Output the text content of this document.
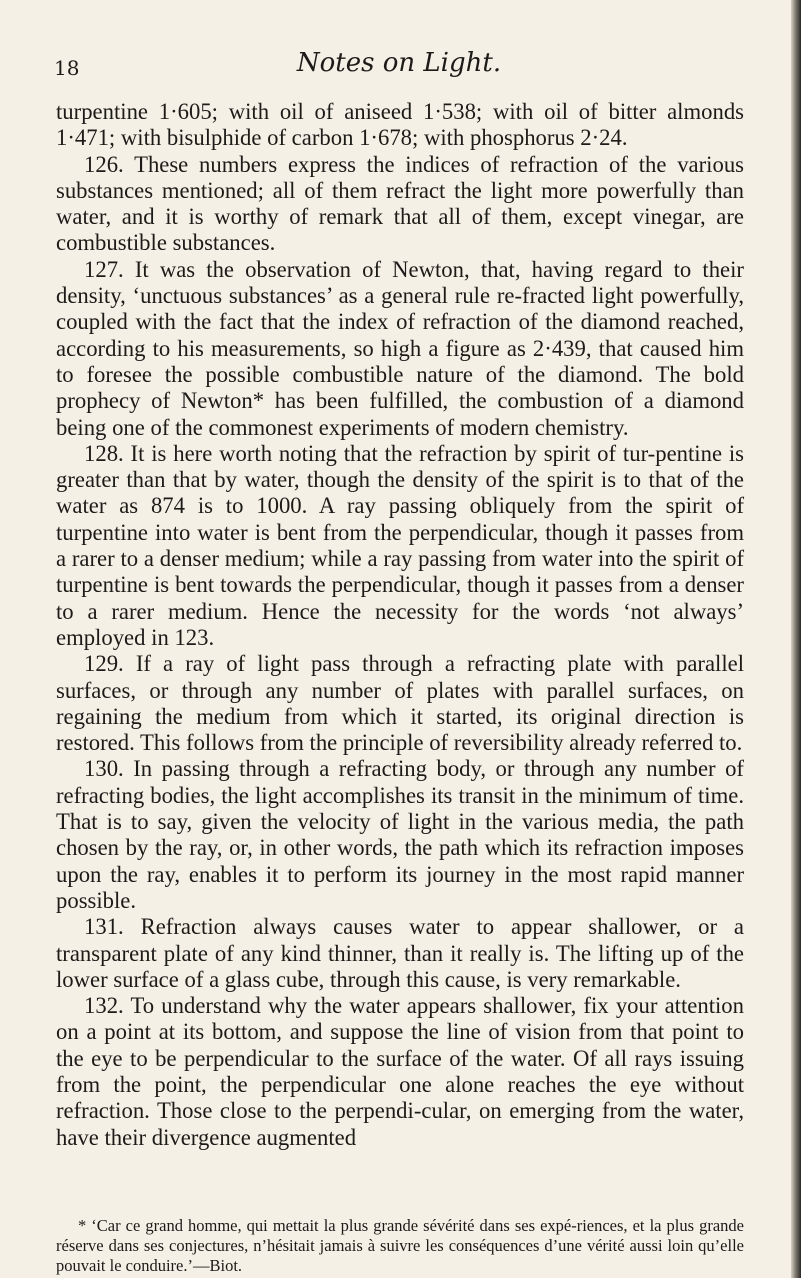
18	Notes on Light.

turpentine 1·605; with oil of aniseed 1·538; with oil of bitter almonds 1·471; with bisulphide of carbon 1·678; with phosphorus 2·24.

126. These numbers express the indices of refraction of the various substances mentioned; all of them refract the light more powerfully than water, and it is worthy of remark that all of them, except vinegar, are combustible substances.

127. It was the observation of Newton, that, having regard to their density, ‘unctuous substances’ as a general rule re-fracted light powerfully, coupled with the fact that the index of refraction of the diamond reached, according to his measurements, so high a figure as 2·439, that caused him to foresee the possible combustible nature of the diamond. The bold prophecy of Newton* has been fulfilled, the combustion of a diamond being one of the commonest experiments of modern chemistry.

128. It is here worth noting that the refraction by spirit of tur-pentine is greater than that by water, though the density of the spirit is to that of the water as 874 is to 1000. A ray passing obliquely from the spirit of turpentine into water is bent from the perpendicular, though it passes from a rarer to a denser medium; while a ray passing from water into the spirit of turpentine is bent towards the perpendicular, though it passes from a denser to a rarer medium. Hence the necessity for the words ‘not always’ employed in 123.

129. If a ray of light pass through a refracting plate with parallel surfaces, or through any number of plates with parallel surfaces, on regaining the medium from which it started, its original direction is restored. This follows from the principle of reversibility already referred to.

130. In passing through a refracting body, or through any number of refracting bodies, the light accomplishes its transit in the minimum of time. That is to say, given the velocity of light in the various media, the path chosen by the ray, or, in other words, the path which its refraction imposes upon the ray, enables it to perform its journey in the most rapid manner possible.

131. Refraction always causes water to appear shallower, or a transparent plate of any kind thinner, than it really is. The lifting up of the lower surface of a glass cube, through this cause, is very remarkable.

132. To understand why the water appears shallower, fix your attention on a point at its bottom, and suppose the line of vision from that point to the eye to be perpendicular to the surface of the water. Of all rays issuing from the point, the perpendicular one alone reaches the eye without refraction. Those close to the perpendi-cular, on emerging from the water, have their divergence augmented

* ‘Car ce grand homme, qui mettait la plus grande sévérité dans ses expé-riences, et la plus grande réserve dans ses conjectures, n’hésitait jamais à suivre les conséquences d’une vérité aussi loin qu’elle pouvait le conduire.’—Biot.
